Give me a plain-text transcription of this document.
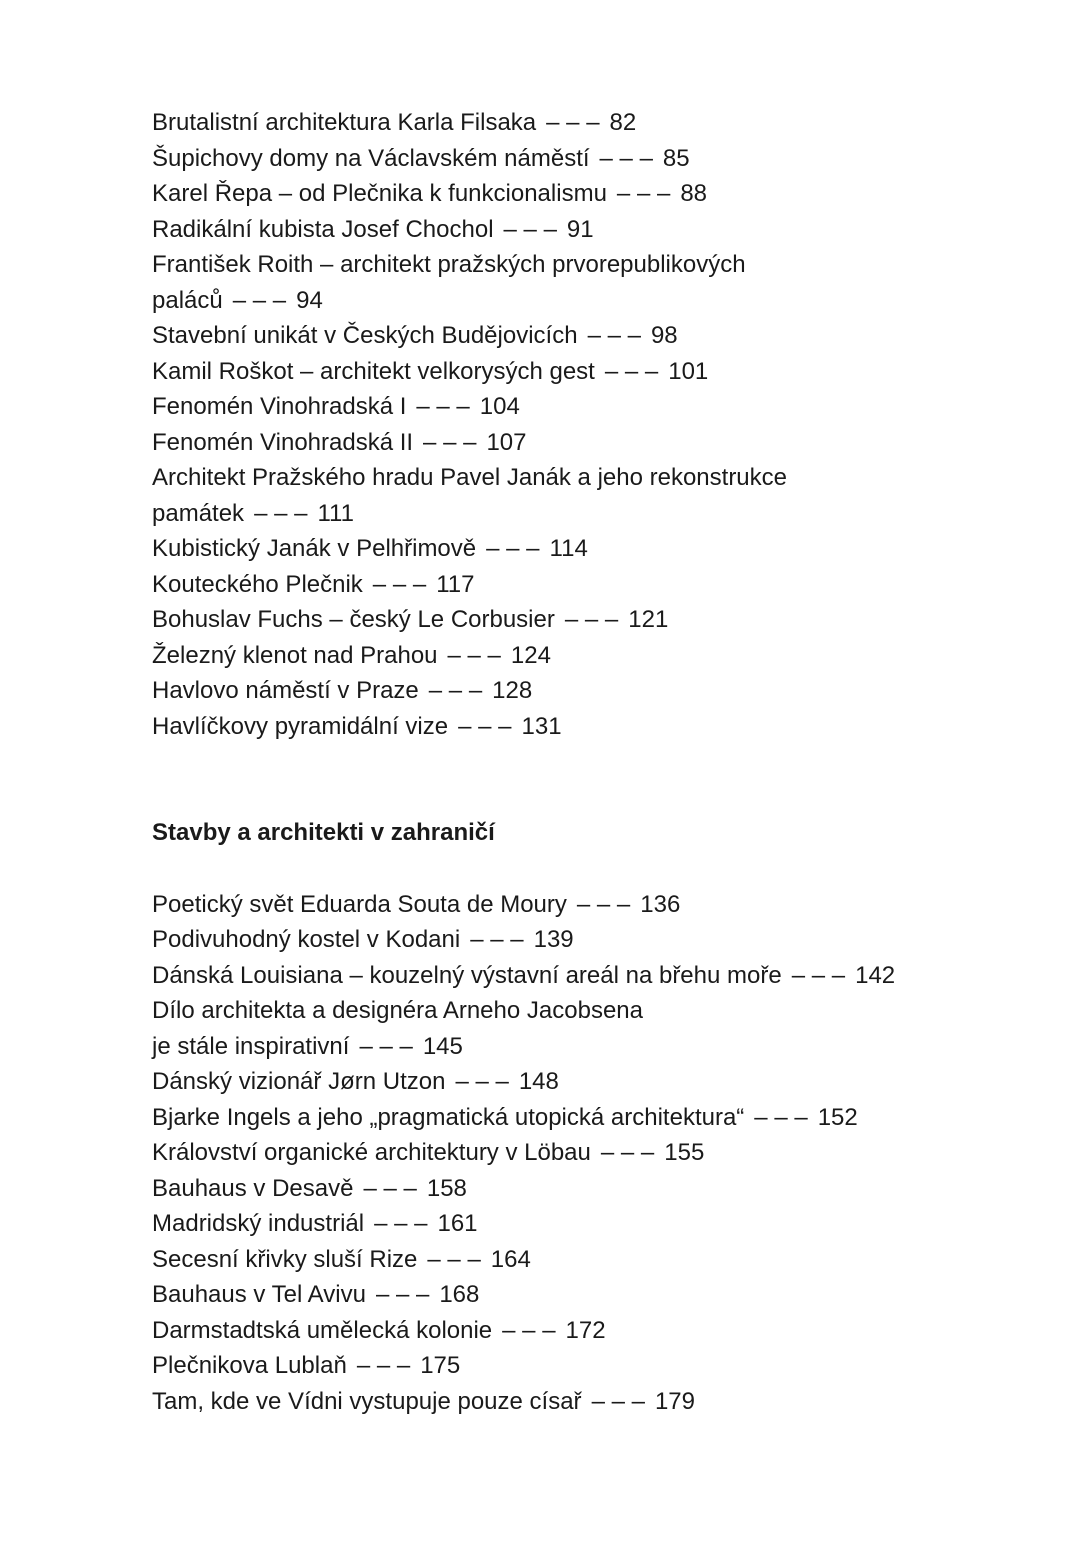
Brutalistní architektura Karla Filsaka – – – 82
Šupichovy domy na Václavském náměstí – – – 85
Karel Řepa – od Plečnika k funkcionalismu – – – 88
Radikální kubista Josef Chochol – – – 91
František Roith – architekt pražských prvorepublikových paláců – – – 94
Stavební unikát v Českých Budějovicích – – – 98
Kamil Roškot – architekt velkorysých gest – – – 101
Fenomén Vinohradská I – – – 104
Fenomén Vinohradská II – – – 107
Architekt Pražského hradu Pavel Janák a jeho rekonstrukce památek – – – 111
Kubistický Janák v Pelhřimově – – – 114
Kouteckého Plečnik – – – 117
Bohuslav Fuchs – český Le Corbusier – – – 121
Železný klenot nad Prahou – – – 124
Havlovo náměstí v Praze – – – 128
Havlíčkovy pyramidální vize – – – 131
Stavby a architekti v zahraničí
Poetický svět Eduarda Souta de Moury – – – 136
Podivuhodný kostel v Kodani – – – 139
Dánská Louisiana – kouzelný výstavní areál na břehu moře – – – 142
Dílo architekta a designéra Arneho Jacobsena
je stále inspirativní – – – 145
Dánský vizionář Jørn Utzon – – – 148
Bjarke Ingels a jeho „pragmatická utopická architektura“ – – – 152
Království organické architektury v Löbau – – – 155
Bauhaus v Desavě – – – 158
Madridský industriál – – – 161
Secesní křivky sluší Rize – – – 164
Bauhaus v Tel Avivu – – – 168
Darmstadtská umělecká kolonie – – – 172
Plečnikova Lublaň – – – 175
Tam, kde ve Vídni vystupuje pouze císař – – – 179
